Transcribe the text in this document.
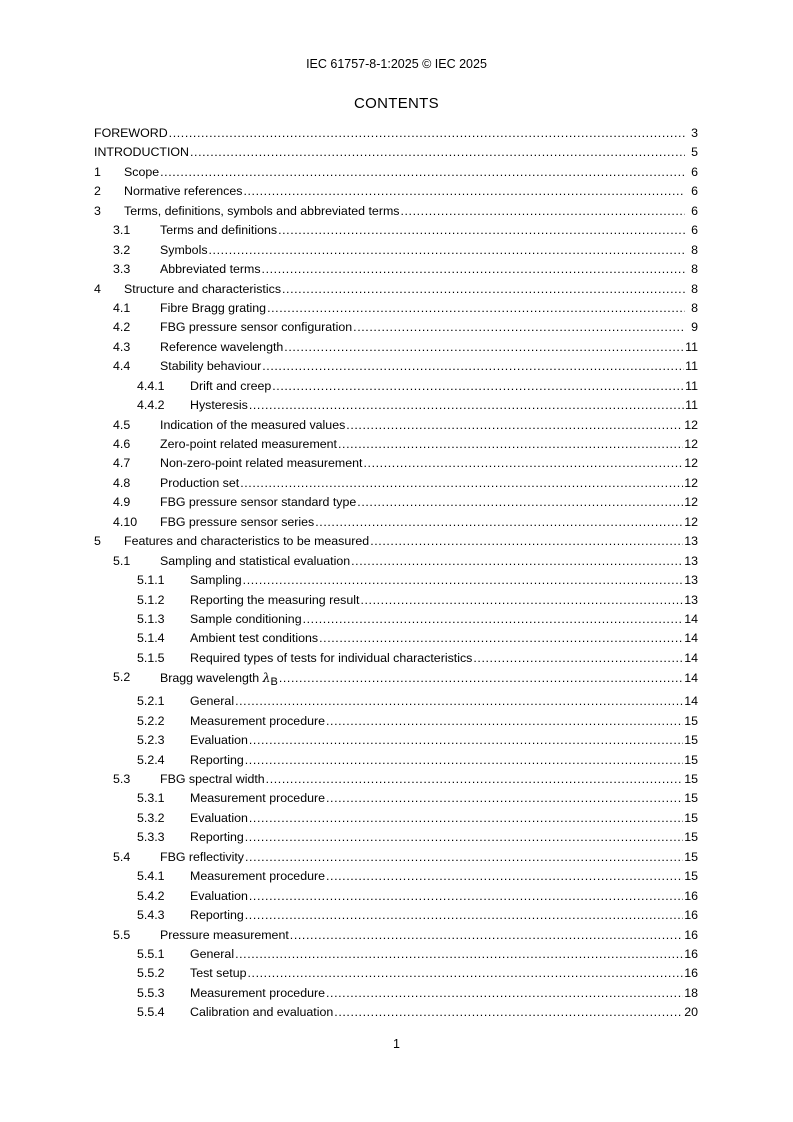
IEC 61757-8-1:2025 © IEC 2025
CONTENTS
FOREWORD .....	3
INTRODUCTION .....	5
1 Scope .....	6
2 Normative references .....	6
3 Terms, definitions, symbols and abbreviated terms .....	6
3.1 Terms and definitions .....	6
3.2 Symbols .....	8
3.3 Abbreviated terms .....	8
4 Structure and characteristics .....	8
4.1 Fibre Bragg grating .....	8
4.2 FBG pressure sensor configuration .....	9
4.3 Reference wavelength .....	11
4.4 Stability behaviour .....	11
4.4.1 Drift and creep .....	11
4.4.2 Hysteresis .....	11
4.5 Indication of the measured values .....	12
4.6 Zero-point related measurement .....	12
4.7 Non-zero-point related measurement .....	12
4.8 Production set .....	12
4.9 FBG pressure sensor standard type .....	12
4.10 FBG pressure sensor series .....	12
5 Features and characteristics to be measured .....	13
5.1 Sampling and statistical evaluation .....	13
5.1.1 Sampling .....	13
5.1.2 Reporting the measuring result .....	13
5.1.3 Sample conditioning .....	14
5.1.4 Ambient test conditions .....	14
5.1.5 Required types of tests for individual characteristics .....	14
5.2 Bragg wavelength λB .....	14
5.2.1 General .....	14
5.2.2 Measurement procedure .....	15
5.2.3 Evaluation .....	15
5.2.4 Reporting .....	15
5.3 FBG spectral width .....	15
5.3.1 Measurement procedure .....	15
5.3.2 Evaluation .....	15
5.3.3 Reporting .....	15
5.4 FBG reflectivity .....	15
5.4.1 Measurement procedure .....	15
5.4.2 Evaluation .....	16
5.4.3 Reporting .....	16
5.5 Pressure measurement .....	16
5.5.1 General .....	16
5.5.2 Test setup .....	16
5.5.3 Measurement procedure .....	18
5.5.4 Calibration and evaluation .....	20
1
